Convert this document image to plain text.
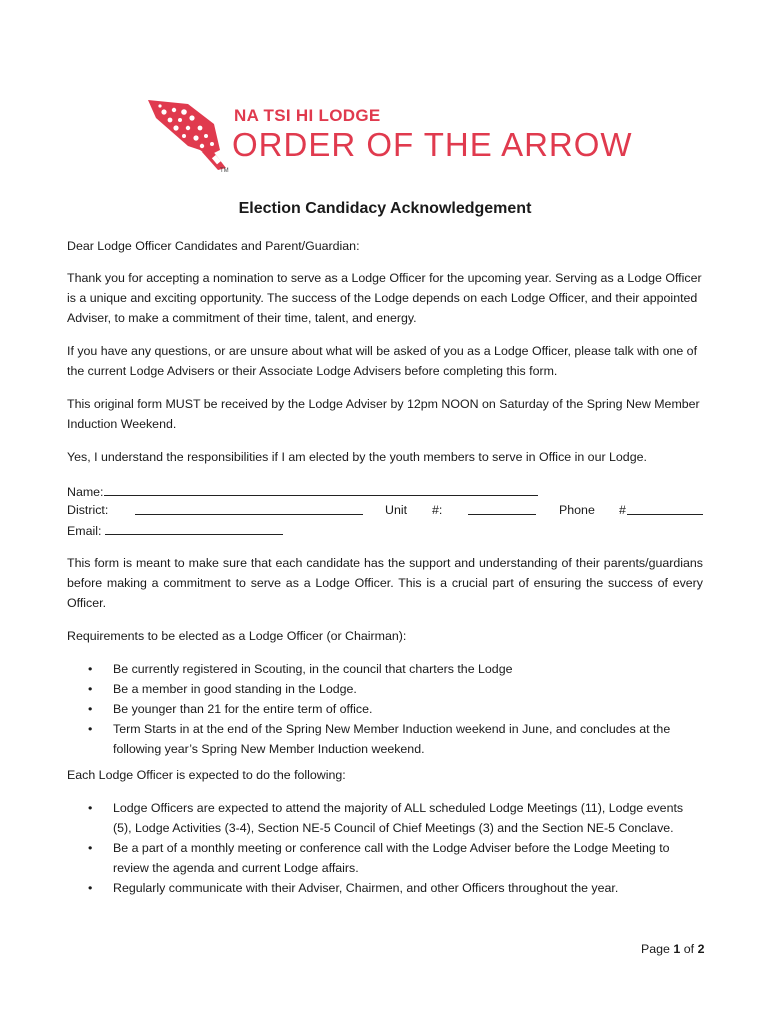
NA TSI HI LODGE
ORDER OF THE ARROW
TM
Election Candidacy Acknowledgement

Dear Lodge Officer Candidates and Parent/Guardian:

Thank you for accepting a nomination to serve as a Lodge Officer for the upcoming year. Serving as a Lodge Officer is a unique and exciting opportunity. The success of the Lodge depends on each Lodge Officer, and their appointed Adviser, to make a commitment of their time, talent, and energy.

If you have any questions, or are unsure about what will be asked of you as a Lodge Officer, please talk with one of the current Lodge Advisers or their Associate Lodge Advisers before completing this form.

This original form MUST be received by the Lodge Adviser by 12pm NOON on Saturday of the Spring New Member Induction Weekend.

Yes, I understand the responsibilities if I am elected by the youth members to serve in Office in our Lodge.

Name:
District:	Unit #:	Phone #
Email:

This form is meant to make sure that each candidate has the support and understanding of their parents/guardians before making a commitment to serve as a Lodge Officer. This is a crucial part of ensuring the success of every Officer.

Requirements to be elected as a Lodge Officer (or Chairman):

• Be currently registered in Scouting, in the council that charters the Lodge
• Be a member in good standing in the Lodge.
• Be younger than 21 for the entire term of office.
• Term Starts in at the end of the Spring New Member Induction weekend in June, and concludes at the following year’s Spring New Member Induction weekend.

Each Lodge Officer is expected to do the following:

• Lodge Officers are expected to attend the majority of ALL scheduled Lodge Meetings (11), Lodge events (5), Lodge Activities (3-4), Section NE-5 Council of Chief Meetings (3) and the Section NE-5 Conclave.
• Be a part of a monthly meeting or conference call with the Lodge Adviser before the Lodge Meeting to review the agenda and current Lodge affairs.
• Regularly communicate with their Adviser, Chairmen, and other Officers throughout the year.
Page 1 of 2
